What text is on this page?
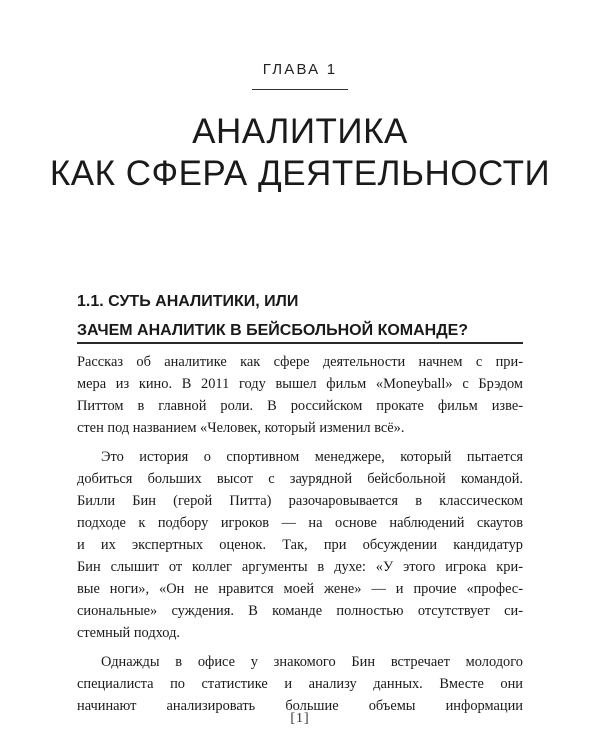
ГЛАВА 1
АНАЛИТИКА
КАК СФЕРА ДЕЯТЕЛЬНОСТИ
1.1. СУТЬ АНАЛИТИКИ, ИЛИ
ЗАЧЕМ АНАЛИТИК В БЕЙСБОЛЬНОЙ КОМАНДЕ?
Рассказ об аналитике как сфере деятельности начнем с при-
мера из кино. В 2011 году вышел фильм «Moneyball» с Брэдом
Питтом в главной роли. В российском прокате фильм изве-
стен под названием «Человек, который изменил всё».
Это история о спортивном менеджере, который пытается
добиться больших высот с заурядной бейсбольной командой.
Билли Бин (герой Питта) разочаровывается в классическом
подходе к подбору игроков — на основе наблюдений скаутов
и их экспертных оценок. Так, при обсуждении кандидатур
Бин слышит от коллег аргументы в духе: «У этого игрока кри-
вые ноги», «Он не нравится моей жене» — и прочие «профес-
сиональные» суждения. В команде полностью отсутствует си-
стемный подход.
Однажды в офисе у знакомого Бин встречает молодого
специалиста по статистике и анализу данных. Вместе они
начинают анализировать большие объемы информации
[1]
